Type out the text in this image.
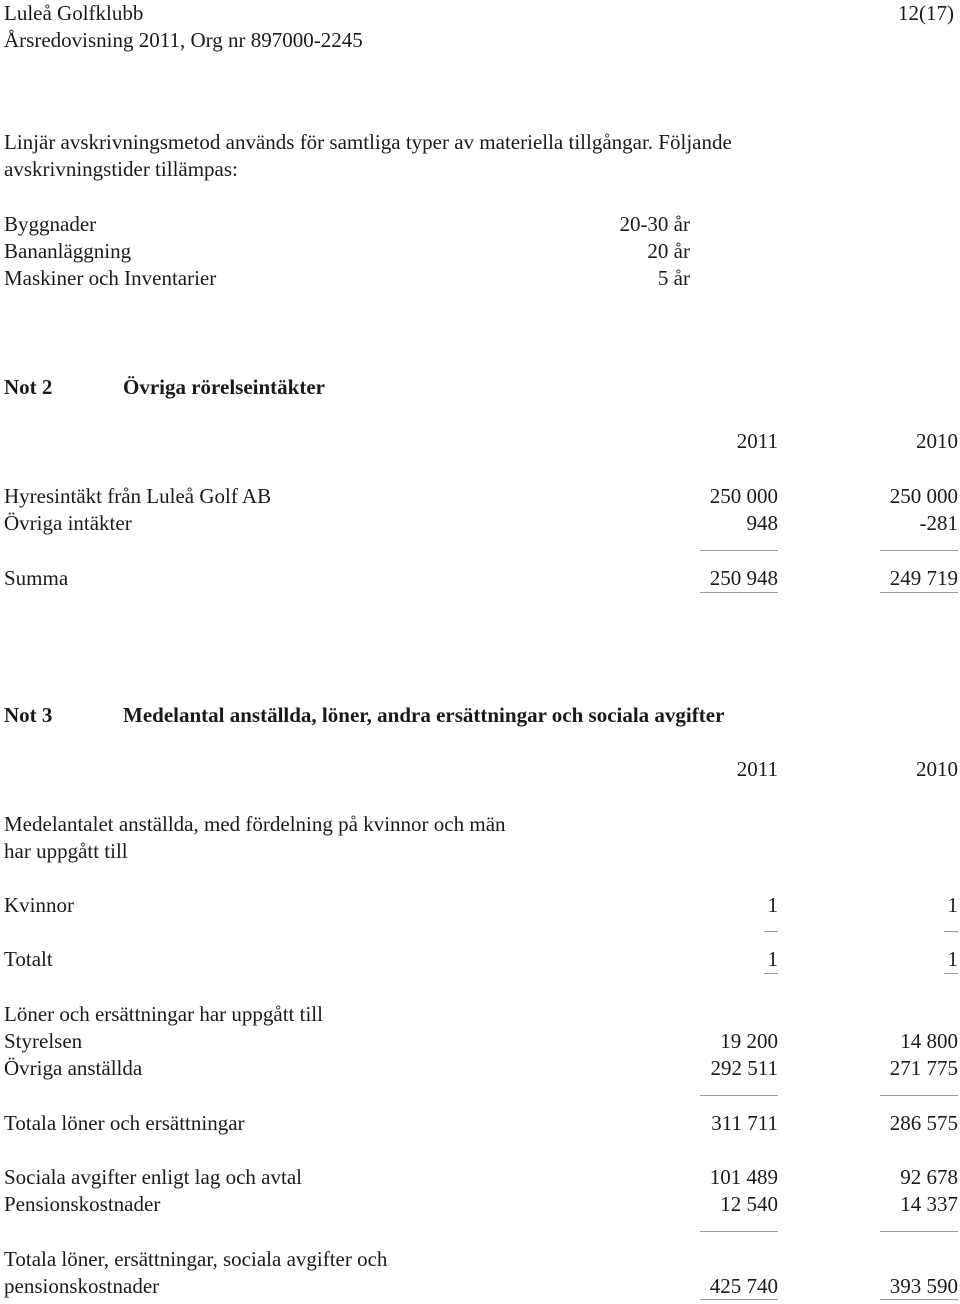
Luleå Golfklubb	12(17)
Årsredovisning 2011, Org nr 897000-2245
Linjär avskrivningsmetod används för samtliga typer av materiella tillgångar. Följande
avskrivningstider tillämpas:
Byggnader	20-30 år
Bananläggning	20 år
Maskiner och Inventarier	5 år
Not 2	Övriga rörelseintäkter
2011	2010
Hyresintäkt från Luleå Golf AB	250 000	250 000
Övriga intäkter	948	-281
Summa	250 948	249 719
Not 3	Medelantal anställda, löner, andra ersättningar och sociala avgifter
2011	2010
Medelantalet anställda, med fördelning på kvinnor och män
har uppgått till
Kvinnor	1	1
Totalt	1	1
Löner och ersättningar har uppgått till
Styrelsen	19 200	14 800
Övriga anställda	292 511	271 775
Totala löner och ersättningar	311 711	286 575
Sociala avgifter enligt lag och avtal	101 489	92 678
Pensionskostnader	12 540	14 337
Totala löner, ersättningar, sociala avgifter och
pensionskostnader	425 740	393 590
